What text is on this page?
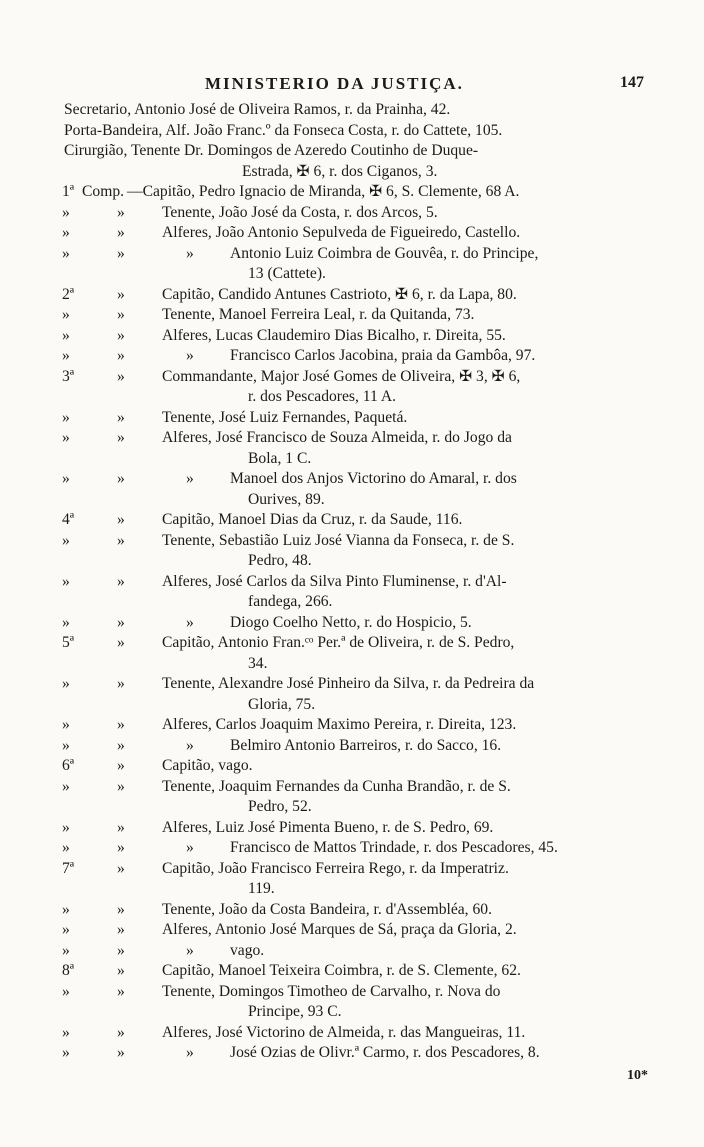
MINISTERIO DA JUSTIÇA.	147
Secretario, Antonio José de Oliveira Ramos, r. da Prainha, 42.
Porta-Bandeira, Alf. João Franc.º da Fonseca Costa, r. do Cattete, 105.
Cirurgião, Tenente Dr. Domingos de Azeredo Coutinho de Duque-
Estrada, ✠ 6, r. dos Ciganos, 3.
1ª Comp. —Capitão, Pedro Ignacio de Miranda, ✠ 6, S. Clemente, 68 A.
»	» Tenente, João José da Costa, r. dos Arcos, 5.
»	» Alferes, João Antonio Sepulveda de Figueiredo, Castello.
»	»	» Antonio Luiz Coimbra de Gouvêa, r. do Principe,
13 (Cattete).
2ª	» Capitão, Candido Antunes Castrioto, ✠ 6, r. da Lapa, 80.
»	» Tenente, Manoel Ferreira Leal, r. da Quitanda, 73.
»	» Alferes, Lucas Claudemiro Dias Bicalho, r. Direita, 55.
»	»	» Francisco Carlos Jacobina, praia da Gambôa, 97.
3ª	» Commandante, Major José Gomes de Oliveira, ✠ 3, ✠ 6,
r. dos Pescadores, 11 A.
»	» Tenente, José Luiz Fernandes, Paquetá.
»	» Alferes, José Francisco de Souza Almeida, r. do Jogo da
Bola, 1 C.
»	»	» Manoel dos Anjos Victorino do Amaral, r. dos
Ourives, 89.
4ª	» Capitão, Manoel Dias da Cruz, r. da Saude, 116.
»	» Tenente, Sebastião Luiz José Vianna da Fonseca, r. de S.
Pedro, 48.
»	» Alferes, José Carlos da Silva Pinto Fluminense, r. d'Al-
fandega, 266.
»	»	» Diogo Coelho Netto, r. do Hospicio, 5.
5ª	» Capitão, Antonio Fran.ᶜᵒ Per.ª de Oliveira, r. de S. Pedro,
34.
»	» Tenente, Alexandre José Pinheiro da Silva, r. da Pedreira da
Gloria, 75.
»	» Alferes, Carlos Joaquim Maximo Pereira, r. Direita, 123.
»	»	» Belmiro Antonio Barreiros, r. do Sacco, 16.
6ª	» Capitão, vago.
»	» Tenente, Joaquim Fernandes da Cunha Brandão, r. de S.
Pedro, 52.
»	» Alferes, Luiz José Pimenta Bueno, r. de S. Pedro, 69.
»	»	» Francisco de Mattos Trindade, r. dos Pescadores, 45.
7ª	» Capitão, João Francisco Ferreira Rego, r. da Imperatriz.
119.
»	» Tenente, João da Costa Bandeira, r. d'Assembléa, 60.
»	» Alferes, Antonio José Marques de Sá, praça da Gloria, 2.
»	»	» vago.
8ª	» Capitão, Manoel Teixeira Coimbra, r. de S. Clemente, 62.
»	» Tenente, Domingos Timotheo de Carvalho, r. Nova do
Principe, 93 C.
»	» Alferes, José Victorino de Almeida, r. das Mangueiras, 11.
»	»	» José Ozias de Olivr.ª Carmo, r. dos Pescadores, 8.
10*
